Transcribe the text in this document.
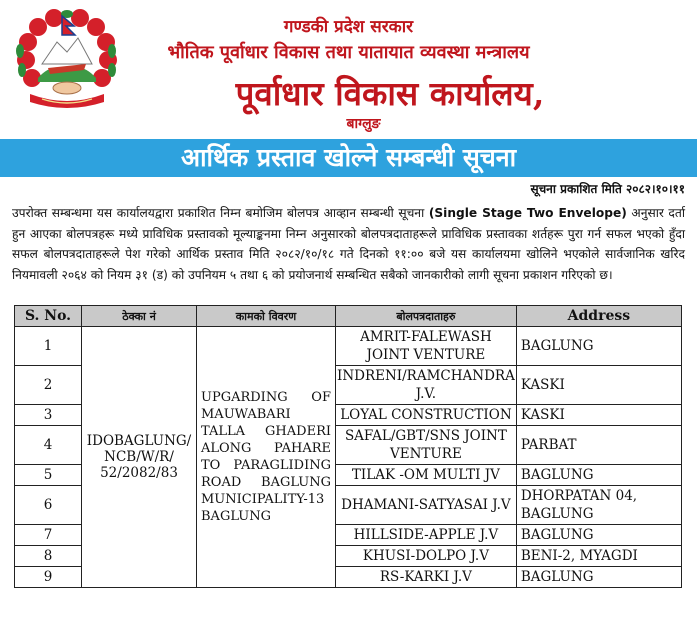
गण्डकी प्रदेश सरकार
भौतिक पूर्वाधार विकास तथा यातायात व्यवस्था मन्त्रालय
पूर्वाधार विकास कार्यालय,
बाग्लुङ
आर्थिक प्रस्ताव खोल्ने सम्बन्धी सूचना
सूचना प्रकाशित मिति २०८२।१०।११
उपरोक्त सम्बन्धमा यस कार्यालयद्वारा प्रकाशित निम्न बमोजिम बोलपत्र आव्हान सम्बन्धी सूचना (Single Stage Two Envelope) अनुसार दर्ता हुन आएका बोलपत्रहरू मध्ये प्राविधिक प्रस्तावको मूल्याङ्कनमा निम्न अनुसारको बोलपत्रदाताहरूले प्राविधिक प्रस्तावका शर्तहरू पुरा गर्न सफल भएको हुँदा सफल बोलपत्रदाताहरूले पेश गरेको आर्थिक प्रस्ताव मिति २०८२/१०/१८ गते दिनको ११:०० बजे यस कार्यालयमा खोलिने भएकोले सार्वजानिक खरिद नियमावली २०६४ को नियम ३१ (ड) को उपनियम ५ तथा ६ को प्रयोजनार्थ सम्बन्धित सबैको जानकारीको लागी सूचना प्रकाशन गरिएको छ।
S. No.	ठेक्का नं	कामको विवरण	बोलपत्रदाताहरु	Address
1	IDOBAGLUNG/ NCB/W/R/ 52/2082/83	UPGARDING OF MAUWABARI TALLA GHADERI ALONG PAHARE TO PARAGLIDING ROAD BAGLUNG MUNICIPALITY-13 BAGLUNG	AMRIT-FALEWASH JOINT VENTURE	BAGLUNG
2			INDRENI/RAMCHANDRA J.V.	KASKI
3			LOYAL CONSTRUCTION	KASKI
4			SAFAL/GBT/SNS JOINT VENTURE	PARBAT
5			TILAK -OM MULTI JV	BAGLUNG
6			DHAMANI-SATYASAI J.V	DHORPATAN 04, BAGLUNG
7			HILLSIDE-APPLE J.V	BAGLUNG
8			KHUSI-DOLPO J.V	BENI-2, MYAGDI
9			RS-KARKI J.V	BAGLUNG
